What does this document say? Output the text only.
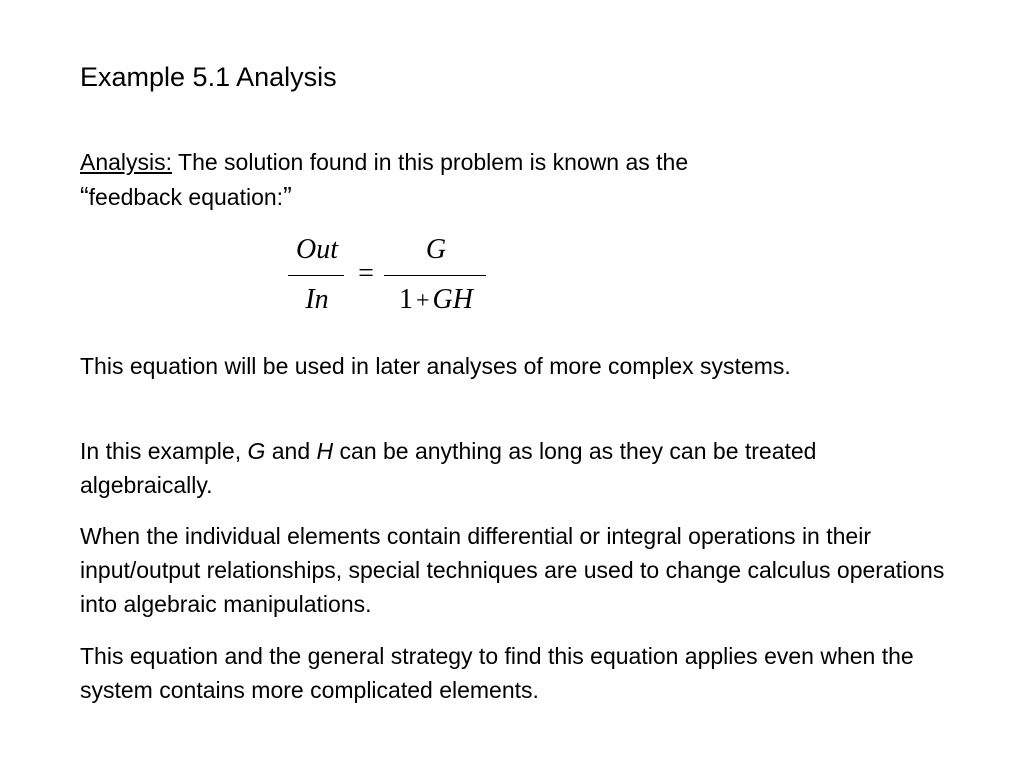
Example 5.1 Analysis

Analysis: The solution found in this problem is known as the
“feedback equation:”

Out
In
=
G
1 + GH

This equation will be used in later analyses of more complex systems.

In this example, G and H can be anything as long as they can be treated algebraically.

When the individual elements contain differential or integral operations in their input/output relationships, special techniques are used to change calculus operations into algebraic manipulations.

This equation and the general strategy to find this equation applies even when the system contains more complicated elements.
